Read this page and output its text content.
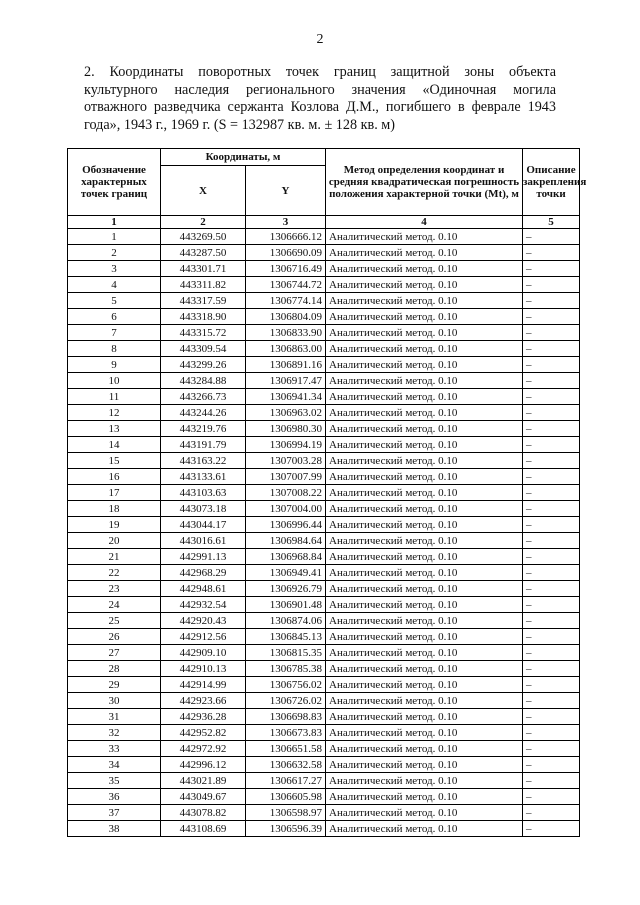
2
2. Координаты поворотных точек границ защитной зоны объекта
культурного наследия регионального значения «Одиночная могила
отважного разведчика сержанта Козлова Д.М., погибшего в феврале 1943
года», 1943 г., 1969 г. (S = 132987 кв. м. ± 128 кв. м)
Обозначение характерных точек границ	Координаты, м		Метод определения координат и средняя квадратическая погрешность положения характерной точки (Mt), м	Описание закрепления точки
	X	Y		
1	2	3	4	5
1	443269.50	1306666.12	Аналитический метод. 0.10	–
2	443287.50	1306690.09	Аналитический метод. 0.10	–
3	443301.71	1306716.49	Аналитический метод. 0.10	–
4	443311.82	1306744.72	Аналитический метод. 0.10	–
5	443317.59	1306774.14	Аналитический метод. 0.10	–
6	443318.90	1306804.09	Аналитический метод. 0.10	–
7	443315.72	1306833.90	Аналитический метод. 0.10	–
8	443309.54	1306863.00	Аналитический метод. 0.10	–
9	443299.26	1306891.16	Аналитический метод. 0.10	–
10	443284.88	1306917.47	Аналитический метод. 0.10	–
11	443266.73	1306941.34	Аналитический метод. 0.10	–
12	443244.26	1306963.02	Аналитический метод. 0.10	–
13	443219.76	1306980.30	Аналитический метод. 0.10	–
14	443191.79	1306994.19	Аналитический метод. 0.10	–
15	443163.22	1307003.28	Аналитический метод. 0.10	–
16	443133.61	1307007.99	Аналитический метод. 0.10	–
17	443103.63	1307008.22	Аналитический метод. 0.10	–
18	443073.18	1307004.00	Аналитический метод. 0.10	–
19	443044.17	1306996.44	Аналитический метод. 0.10	–
20	443016.61	1306984.64	Аналитический метод. 0.10	–
21	442991.13	1306968.84	Аналитический метод. 0.10	–
22	442968.29	1306949.41	Аналитический метод. 0.10	–
23	442948.61	1306926.79	Аналитический метод. 0.10	–
24	442932.54	1306901.48	Аналитический метод. 0.10	–
25	442920.43	1306874.06	Аналитический метод. 0.10	–
26	442912.56	1306845.13	Аналитический метод. 0.10	–
27	442909.10	1306815.35	Аналитический метод. 0.10	–
28	442910.13	1306785.38	Аналитический метод. 0.10	–
29	442914.99	1306756.02	Аналитический метод. 0.10	–
30	442923.66	1306726.02	Аналитический метод. 0.10	–
31	442936.28	1306698.83	Аналитический метод. 0.10	–
32	442952.82	1306673.83	Аналитический метод. 0.10	–
33	442972.92	1306651.58	Аналитический метод. 0.10	–
34	442996.12	1306632.58	Аналитический метод. 0.10	–
35	443021.89	1306617.27	Аналитический метод. 0.10	–
36	443049.67	1306605.98	Аналитический метод. 0.10	–
37	443078.82	1306598.97	Аналитический метод. 0.10	–
38	443108.69	1306596.39	Аналитический метод. 0.10	–
